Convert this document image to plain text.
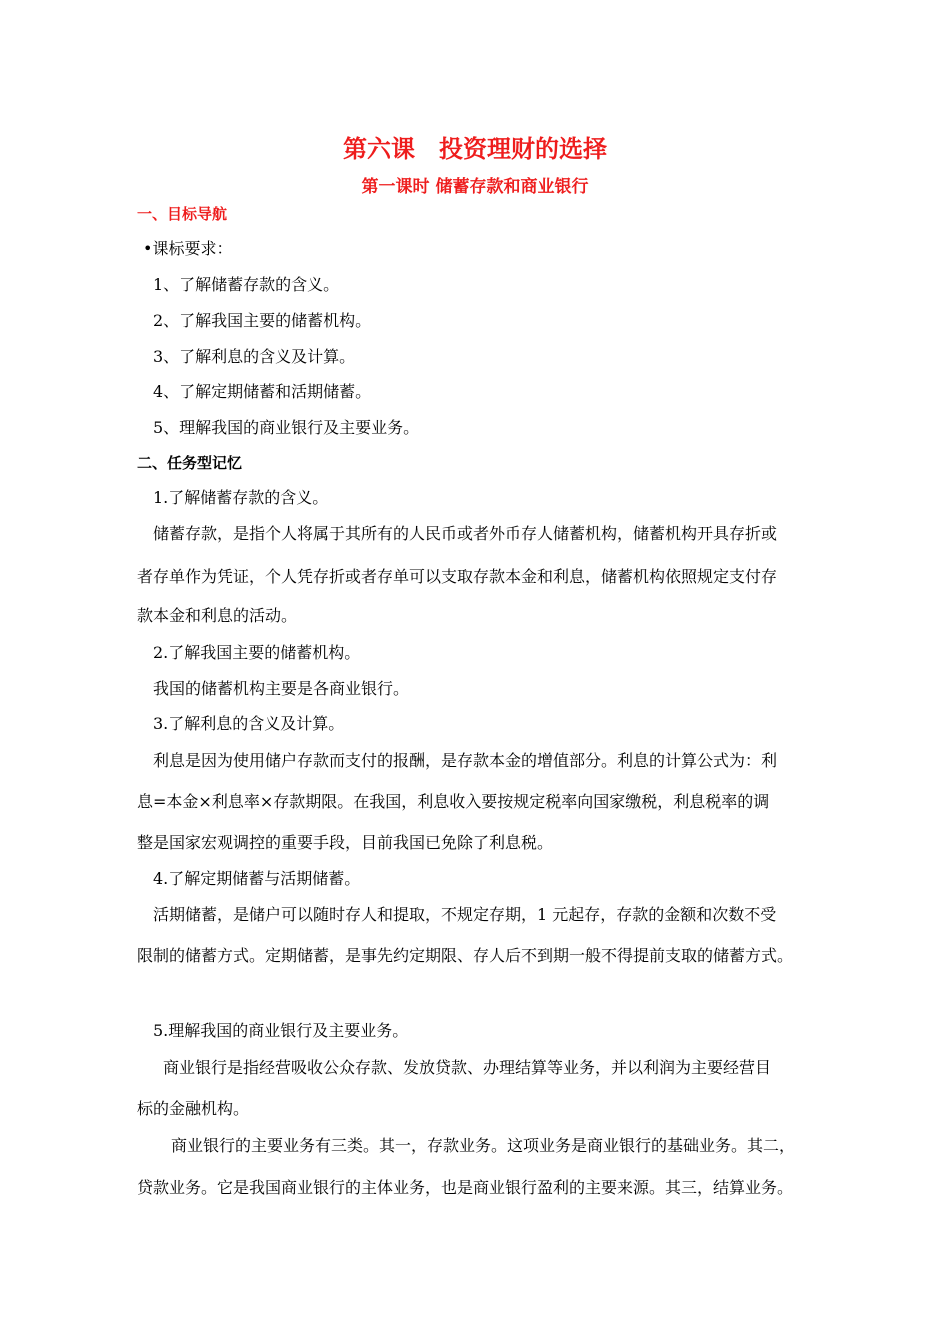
第六课　投资理财的选择
第一课时 储蓄存款和商业银行
一、目标导航
•课标要求：
1、了解储蓄存款的含义。
2、了解我国主要的储蓄机构。
3、了解利息的含义及计算。
4、了解定期储蓄和活期储蓄。
5、理解我国的商业银行及主要业务。
二、任务型记忆
1.了解储蓄存款的含义。
储蓄存款，是指个人将属于其所有的人民币或者外币存人储蓄机构，储蓄机构开具存折或
者存单作为凭证，个人凭存折或者存单可以支取存款本金和利息，储蓄机构依照规定支付存
款本金和利息的活动。
2.了解我国主要的储蓄机构。
我国的储蓄机构主要是各商业银行。
3.了解利息的含义及计算。
利息是因为使用储户存款而支付的报酬，是存款本金的增值部分。利息的计算公式为：利
息=本金×利息率×存款期限。在我国，利息收入要按规定税率向国家缴税，利息税率的调
整是国家宏观调控的重要手段，目前我国已免除了利息税。
4.了解定期储蓄与活期储蓄。
活期储蓄，是储户可以随时存人和提取，不规定存期，1 元起存，存款的金额和次数不受
限制的储蓄方式。定期储蓄，是事先约定期限、存人后不到期一般不得提前支取的储蓄方式。
5.理解我国的商业银行及主要业务。
商业银行是指经营吸收公众存款、发放贷款、办理结算等业务，并以利润为主要经营目
标的金融机构。
商业银行的主要业务有三类。其一，存款业务。这项业务是商业银行的基础业务。其二，
贷款业务。它是我国商业银行的主体业务，也是商业银行盈利的主要来源。其三，结算业务。
